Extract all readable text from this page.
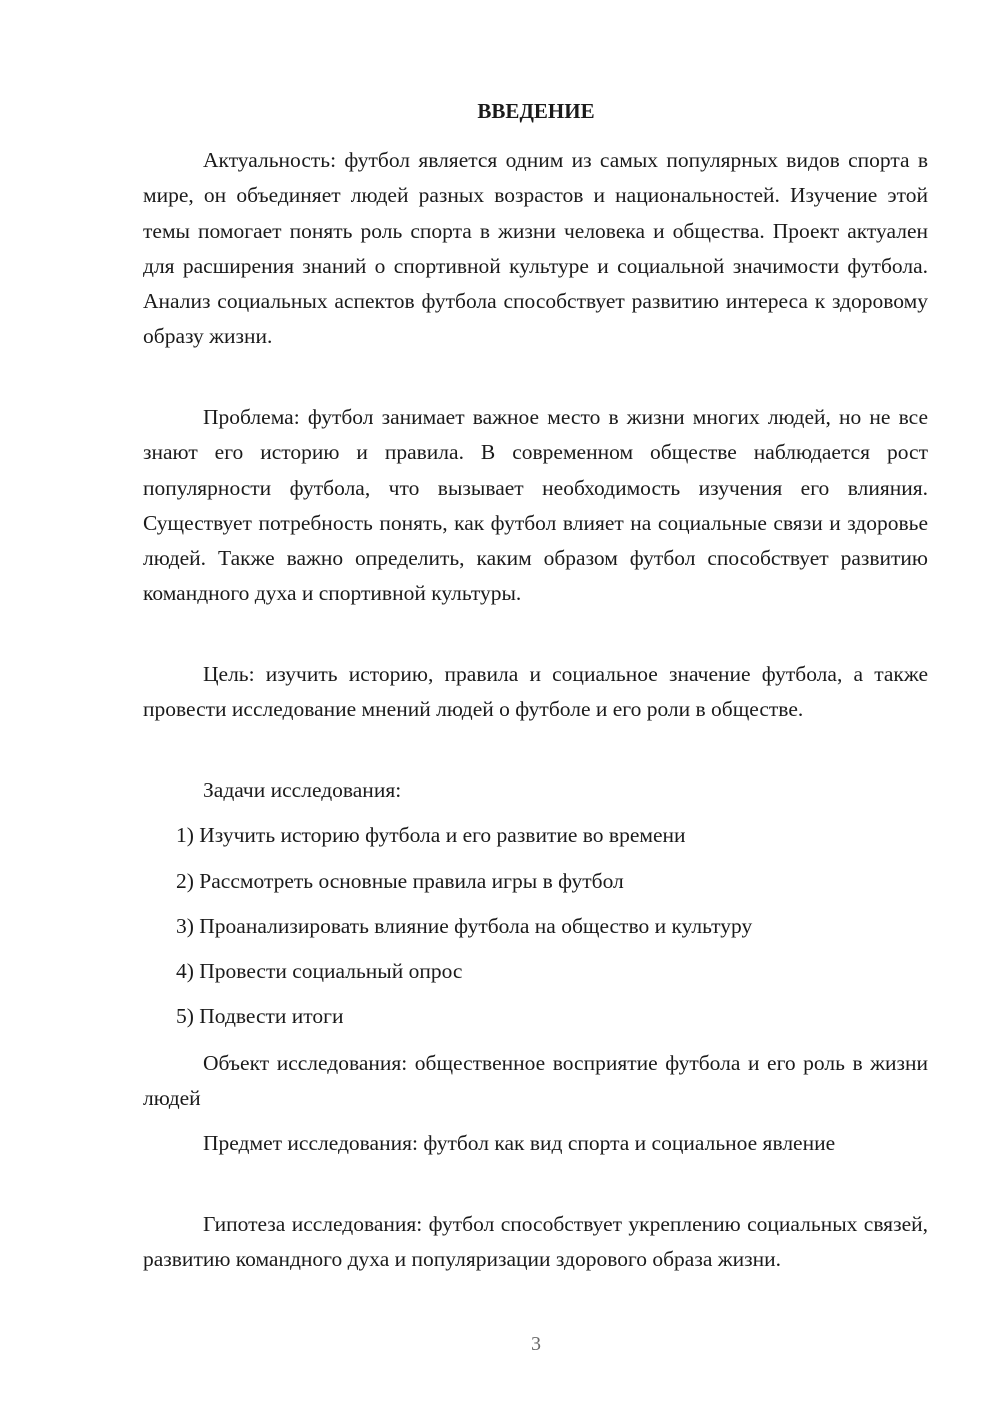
ВВЕДЕНИЕ

Актуальность: футбол является одним из самых популярных видов спорта в мире, он объединяет людей разных возрастов и национальностей. Изучение этой темы помогает понять роль спорта в жизни человека и общества. Проект актуален для расширения знаний о спортивной культуре и социальной значимости футбола. Анализ социальных аспектов футбола способствует развитию интереса к здоровому образу жизни.

Проблема: футбол занимает важное место в жизни многих людей, но не все знают его историю и правила. В современном обществе наблюдается рост популярности футбола, что вызывает необходимость изучения его влияния. Существует потребность понять, как футбол влияет на социальные связи и здоровье людей. Также важно определить, каким образом футбол способствует развитию командного духа и спортивной культуры.

Цель: изучить историю, правила и социальное значение футбола, а также провести исследование мнений людей о футболе и его роли в обществе.

Задачи исследования:

1) Изучить историю футбола и его развитие во времени

2) Рассмотреть основные правила игры в футбол

3) Проанализировать влияние футбола на общество и культуру

4) Провести социальный опрос

5) Подвести итоги

Объект исследования: общественное восприятие футбола и его роль в жизни людей

Предмет исследования: футбол как вид спорта и социальное явление

Гипотеза исследования: футбол способствует укреплению социальных связей, развитию командного духа и популяризации здорового образа жизни.

3
